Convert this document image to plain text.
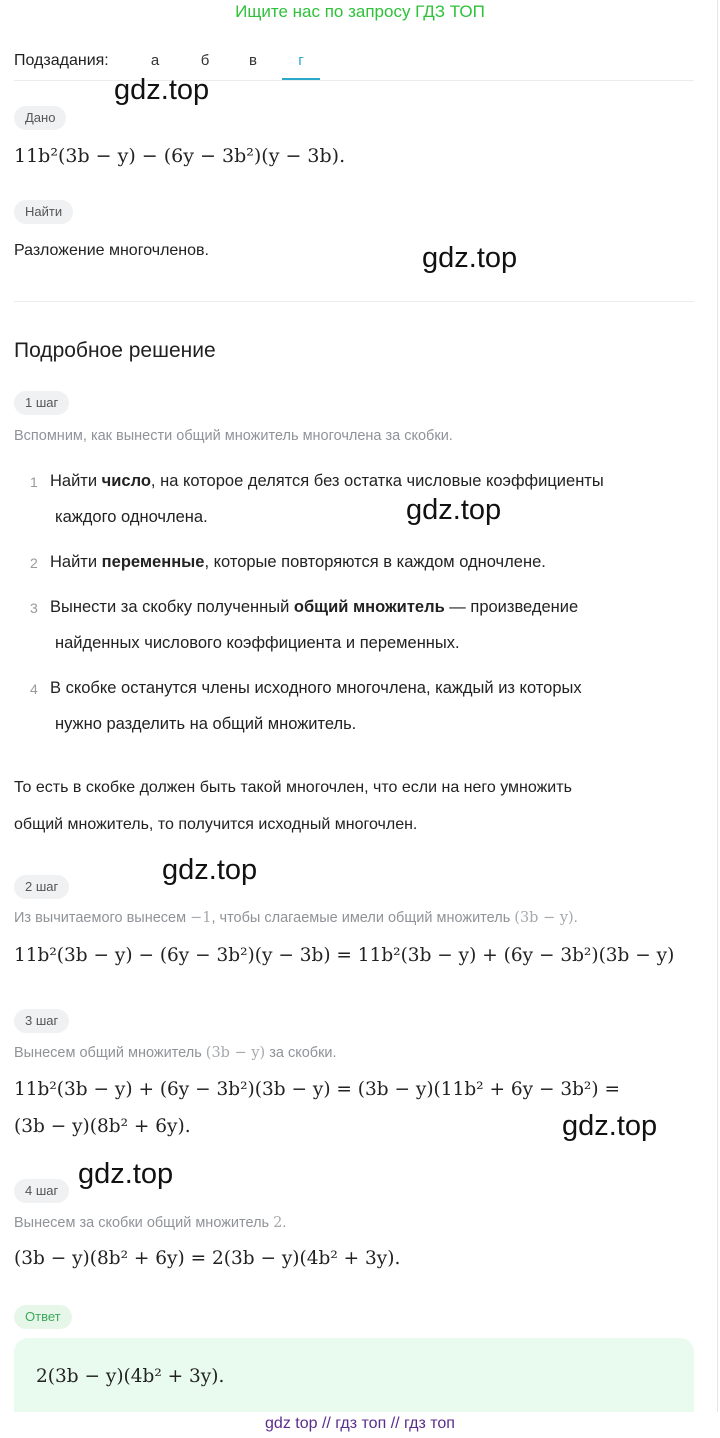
Ищите нас по запросу ГДЗ ТОП
Подзадания:	а	б	в	г
gdz.top
gdz.top
gdz.top
gdz.top
gdz.top
gdz.top
Дано
11b²(3b − y) − (6y − 3b²)(y − 3b).
Найти
Разложение многочленов.
Подробное решение
1 шаг
Вспомним, как вынести общий множитель многочлена за скобки.
1 Найти число, на которое делятся без остатка числовые коэффициенты
каждого одночлена.
2 Найти переменные, которые повторяются в каждом одночлене.
3 Вынести за скобку полученный общий множитель — произведение
найденных числового коэффициента и переменных.
4 В скобке останутся члены исходного многочлена, каждый из которых
нужно разделить на общий множитель.
То есть в скобке должен быть такой многочлен, что если на него умножить
общий множитель, то получится исходный многочлен.
2 шаг
Из вычитаемого вынесем −1, чтобы слагаемые имели общий множитель (3b − y).
11b²(3b − y) − (6y − 3b²)(y − 3b) = 11b²(3b − y) + (6y − 3b²)(3b − y)
3 шаг
Вынесем общий множитель (3b − y) за скобки.
11b²(3b − y) + (6y − 3b²)(3b − y) = (3b − y)(11b² + 6y − 3b²) =
(3b − y)(8b² + 6y).
4 шаг
Вынесем за скобки общий множитель 2.
(3b − y)(8b² + 6y) = 2(3b − y)(4b² + 3y).
Ответ
2(3b − y)(4b² + 3y).
gdz top // гдз топ // гдз топ
